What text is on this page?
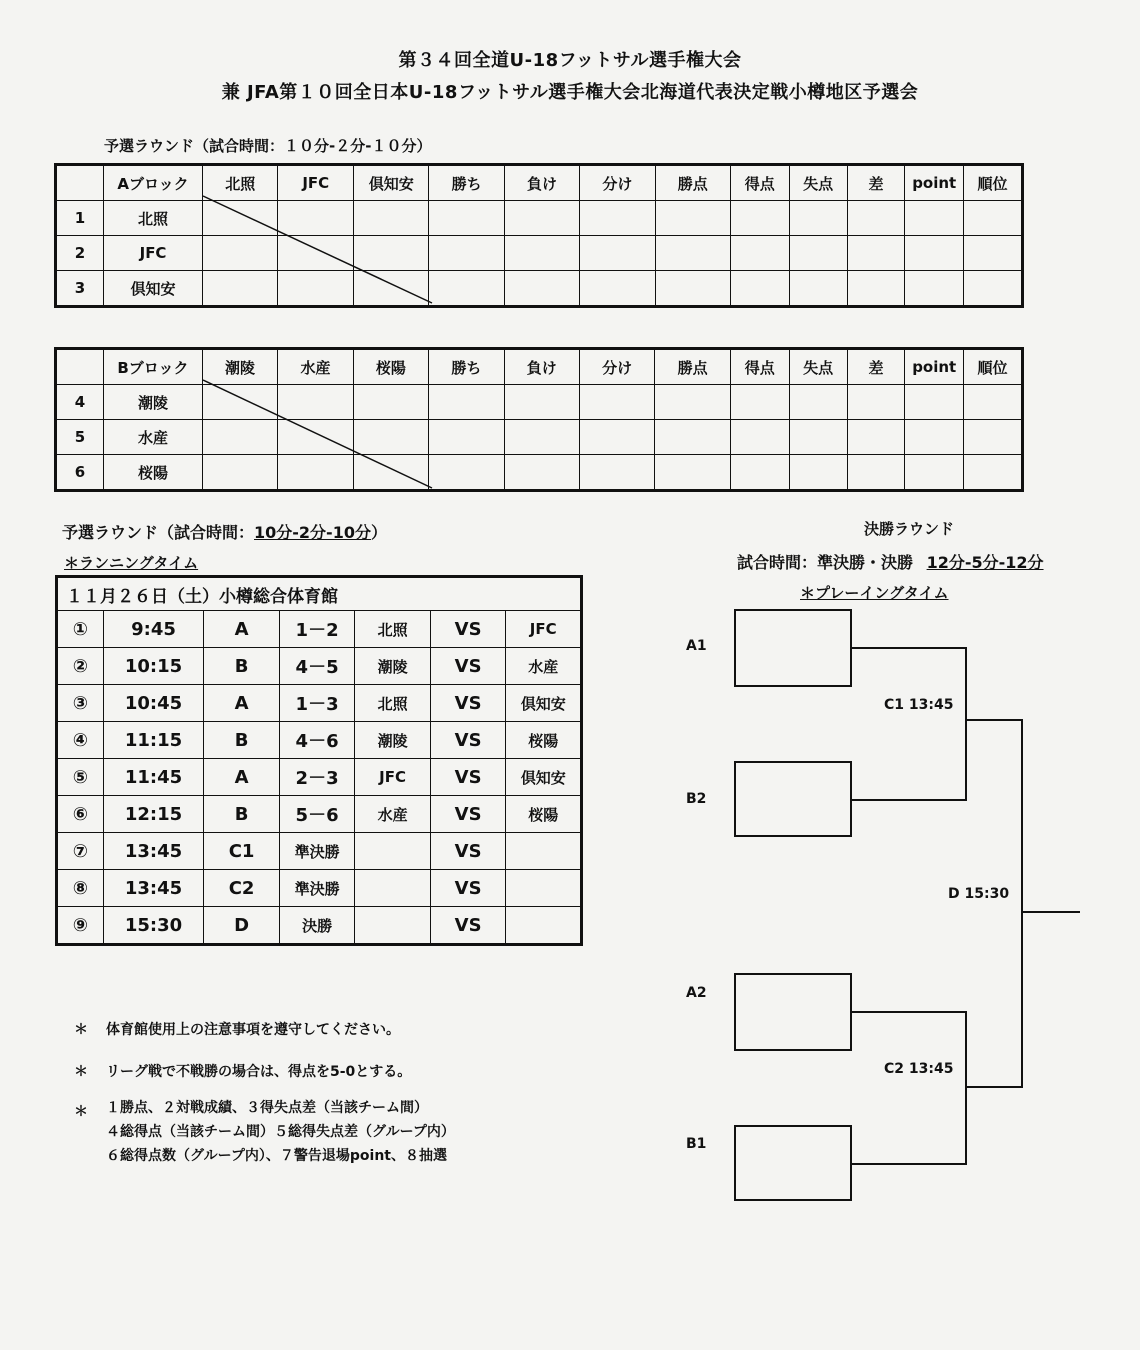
第３４回全道U-18フットサル選手権大会
兼 JFA第１０回全日本U-18フットサル選手権大会北海道代表決定戦小樽地区予選会
予選ラウンド（試合時間：１０分-２分-１０分）
	Aブロック	北照	JFC	倶知安	勝ち	負け	分け	勝点	得点	失点	差	point	順位
1	北照												
2	JFC												
3	倶知安												
	Bブロック	潮陵	水産	桜陽	勝ち	負け	分け	勝点	得点	失点	差	point	順位
4	潮陵												
5	水産												
6	桜陽												
予選ラウンド（試合時間：10分-2分-10分）
＊ランニングタイム
１１月２６日（土）小樽総合体育館						
①	9:45	A	1－2	北照	VS	JFC
②	10:15	B	4－5	潮陵	VS	水産
③	10:45	A	1－3	北照	VS	倶知安
④	11:15	B	4－6	潮陵	VS	桜陽
⑤	11:45	A	2－3	JFC	VS	倶知安
⑥	12:15	B	5－6	水産	VS	桜陽
⑦	13:45	C1	準決勝		VS	
⑧	13:45	C2	準決勝		VS	
⑨	15:30	D	決勝		VS	
決勝ラウンド
試合時間：準決勝・決勝 12分-5分-12分
＊プレーイングタイム
A1
B2
A2
B1
C1 13:45
C2 13:45
D 15:30
＊ 体育館使用上の注意事項を遵守してください。
＊ リーグ戦で不戦勝の場合は、得点を5-0とする。
＊ １勝点、２対戦成績、３得失点差（当該チーム間）
４総得点（当該チーム間）５総得失点差（グループ内）
６総得点数（グループ内）、７警告退場point、８抽選
